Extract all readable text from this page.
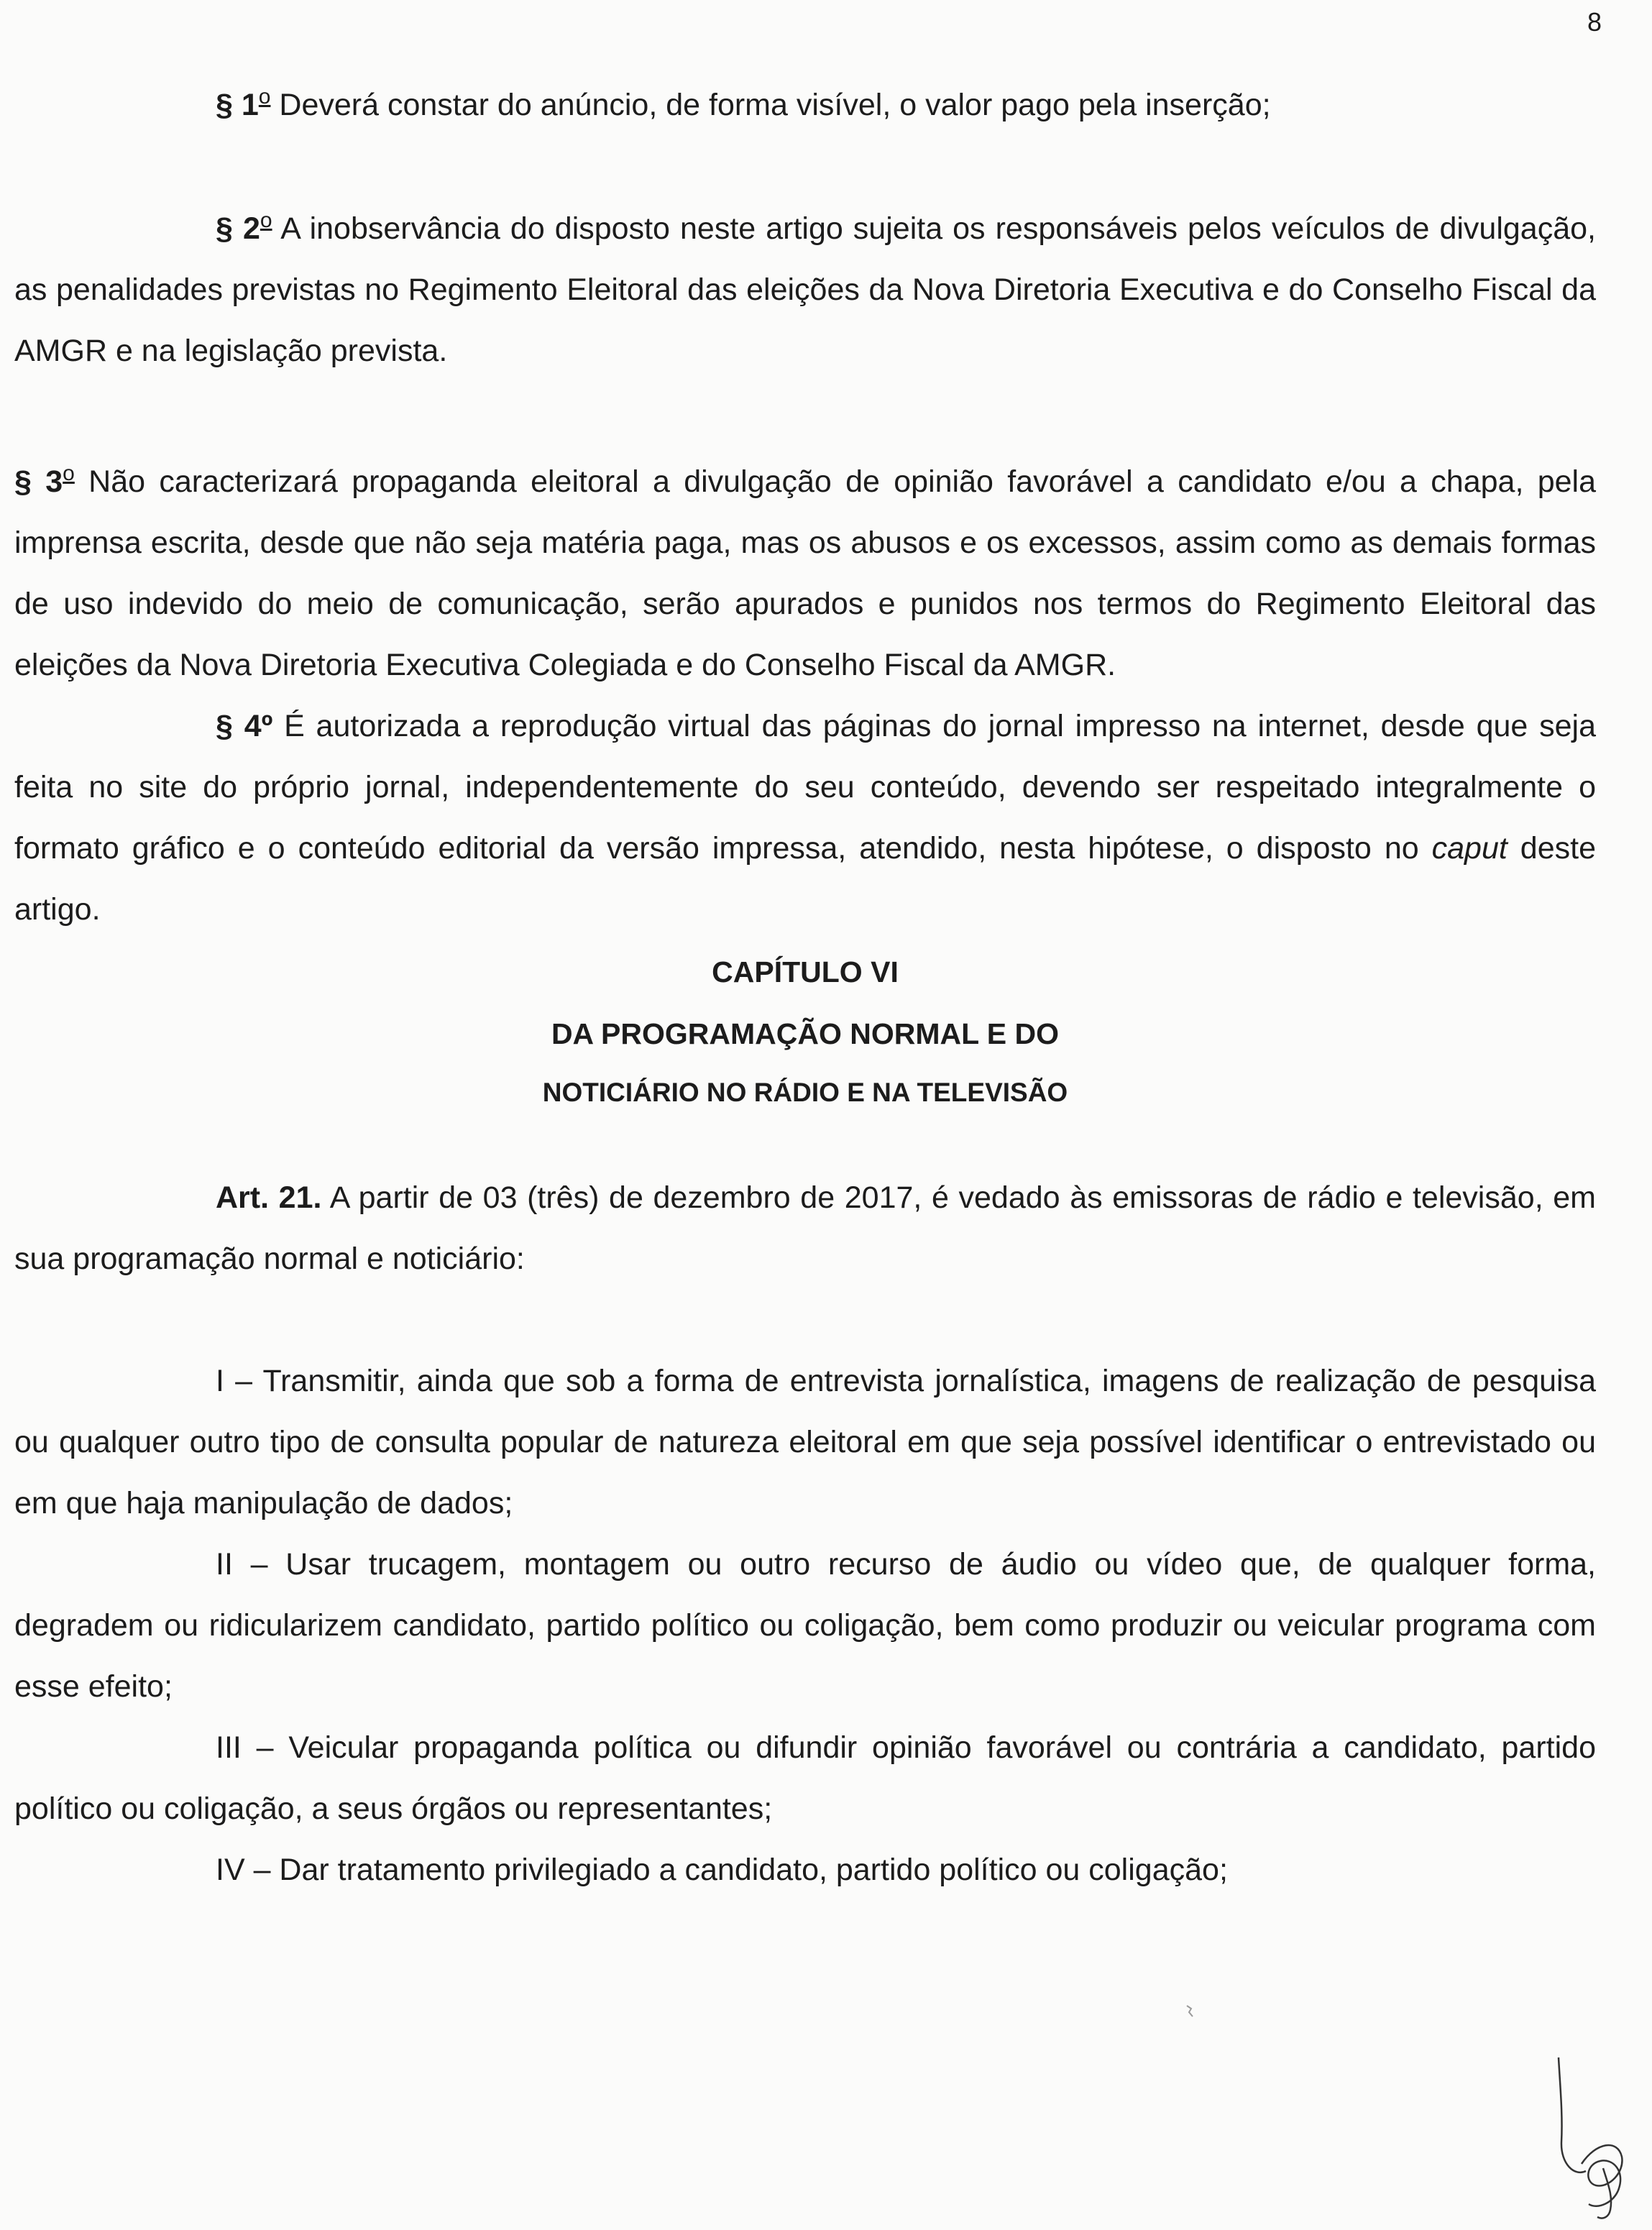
8

§ 1$^o$ Deverá constar do anúncio, de forma visível, o valor pago pela inserção;

§ 2$^o$ A inobservância do disposto neste artigo sujeita os responsáveis pelos veículos de divulgação, as penalidades previstas no Regimento Eleitoral das eleições da Nova Diretoria Executiva e do Conselho Fiscal da AMGR e na legislação prevista.

§ 3$^o$ Não caracterizará propaganda eleitoral a divulgação de opinião favorável a candidato e/ou a chapa, pela imprensa escrita, desde que não seja matéria paga, mas os abusos e os excessos, assim como as demais formas de uso indevido do meio de comunicação, serão apurados e punidos nos termos do Regimento Eleitoral das eleições da Nova Diretoria Executiva Colegiada e do Conselho Fiscal da AMGR.

§ 4º É autorizada a reprodução virtual das páginas do jornal impresso na internet, desde que seja feita no site do próprio jornal, independentemente do seu conteúdo, devendo ser respeitado integralmente o formato gráfico e o conteúdo editorial da versão impressa, atendido, nesta hipótese, o disposto no caput deste artigo.

CAPÍTULO VI

DA PROGRAMAÇÃO NORMAL E DO

NOTICIÁRIO NO RÁDIO E NA TELEVISÃO

Art. 21. A partir de 03 (três) de dezembro de 2017, é vedado às emissoras de rádio e televisão, em sua programação normal e noticiário:

I – Transmitir, ainda que sob a forma de entrevista jornalística, imagens de realização de pesquisa ou qualquer outro tipo de consulta popular de natureza eleitoral em que seja possível identificar o entrevistado ou em que haja manipulação de dados;

II – Usar trucagem, montagem ou outro recurso de áudio ou vídeo que, de qualquer forma, degradem ou ridicularizem candidato, partido político ou coligação, bem como produzir ou veicular programa com esse efeito;

III – Veicular propaganda política ou difundir opinião favorável ou contrária a candidato, partido político ou coligação, a seus órgãos ou representantes;

IV – Dar tratamento privilegiado a candidato, partido político ou coligação;
